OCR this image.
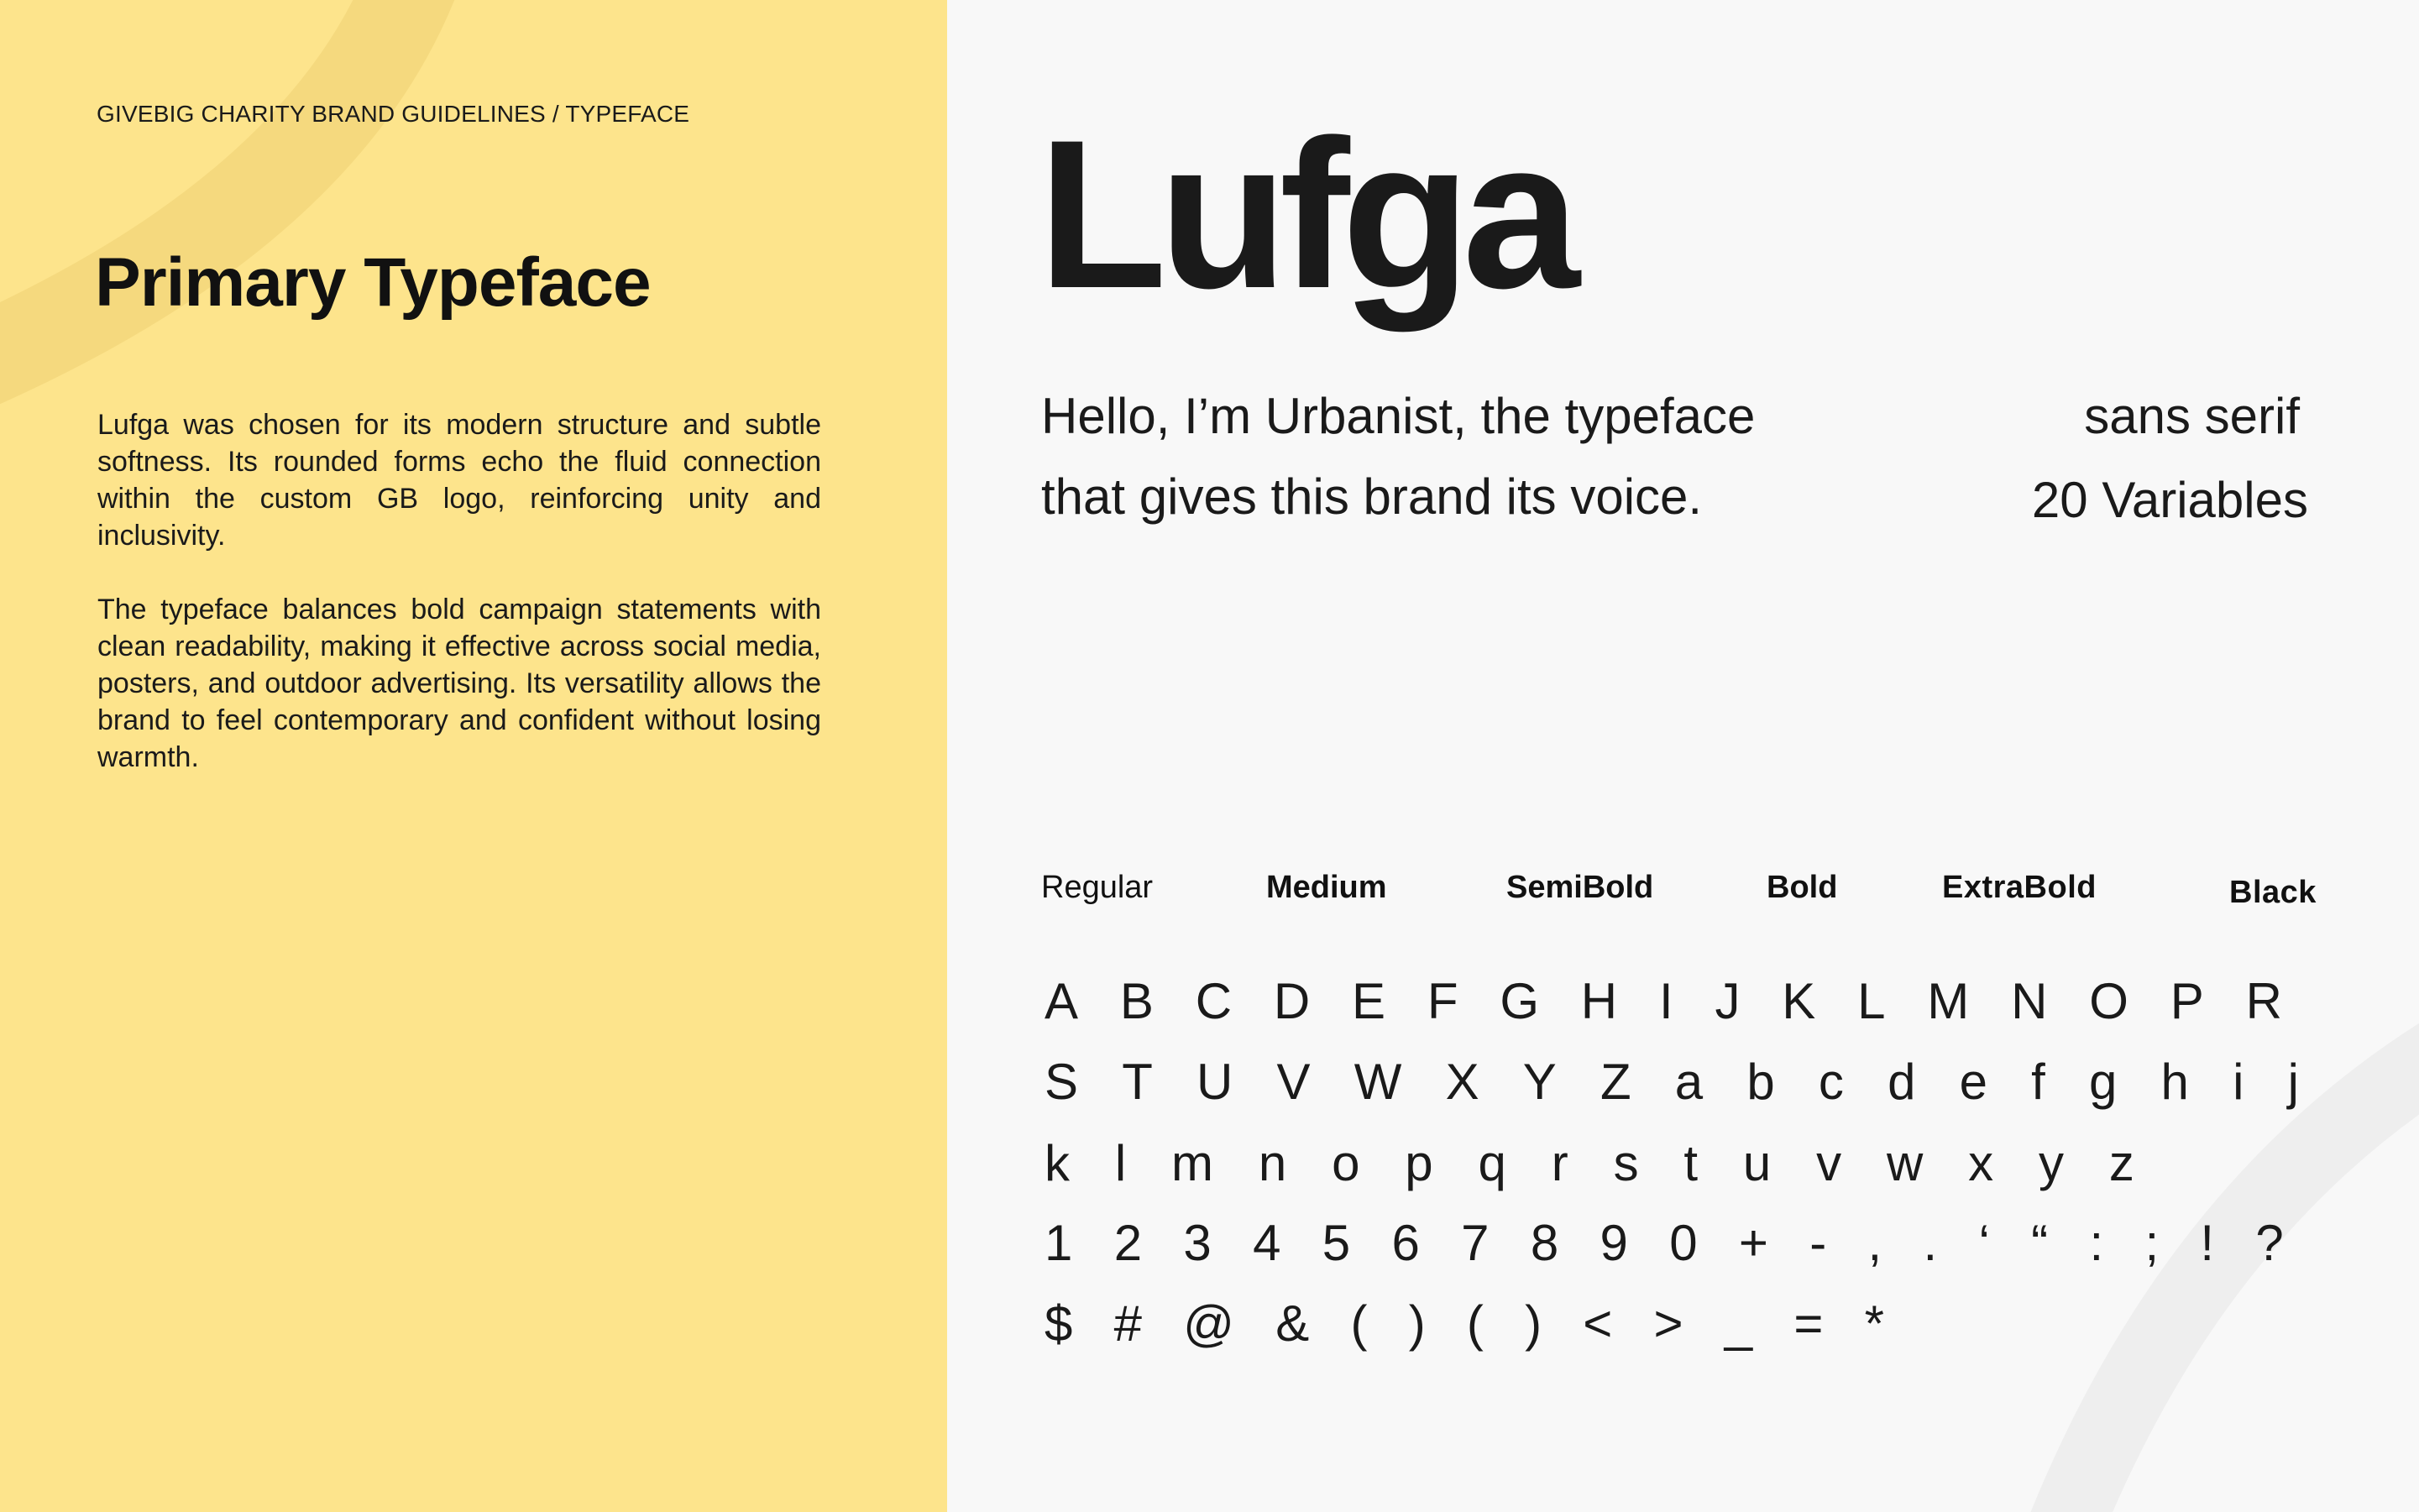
GIVEBIG CHARITY BRAND GUIDELINES / TYPEFACE
Primary Typeface

Lufga was chosen for its modern structure and subtle softness. Its rounded forms echo the fluid connection within the custom GB logo, reinforcing unity and inclusivity.

The typeface balances bold campaign statements with clean readability, making it effective across social media, posters, and outdoor advertising. Its versatility allows the brand to feel contemporary and confident without losing warmth.

Lufga
Hello, I’m Urbanist, the typeface
that gives this brand its voice.
sans serif
20 Variables
Regular	Medium	SemiBold	Bold	ExtraBold	Black
A B C D E F G H I J K L M N O P R
S T U V W X Y Z a b c d e f g h i j
k l m n o p q r s t u v w x y z
1 2 3 4 5 6 7 8 9 0 + - , . ‘ “ : ; ! ?
$ # @ & ( ) ( ) < > _ = *
